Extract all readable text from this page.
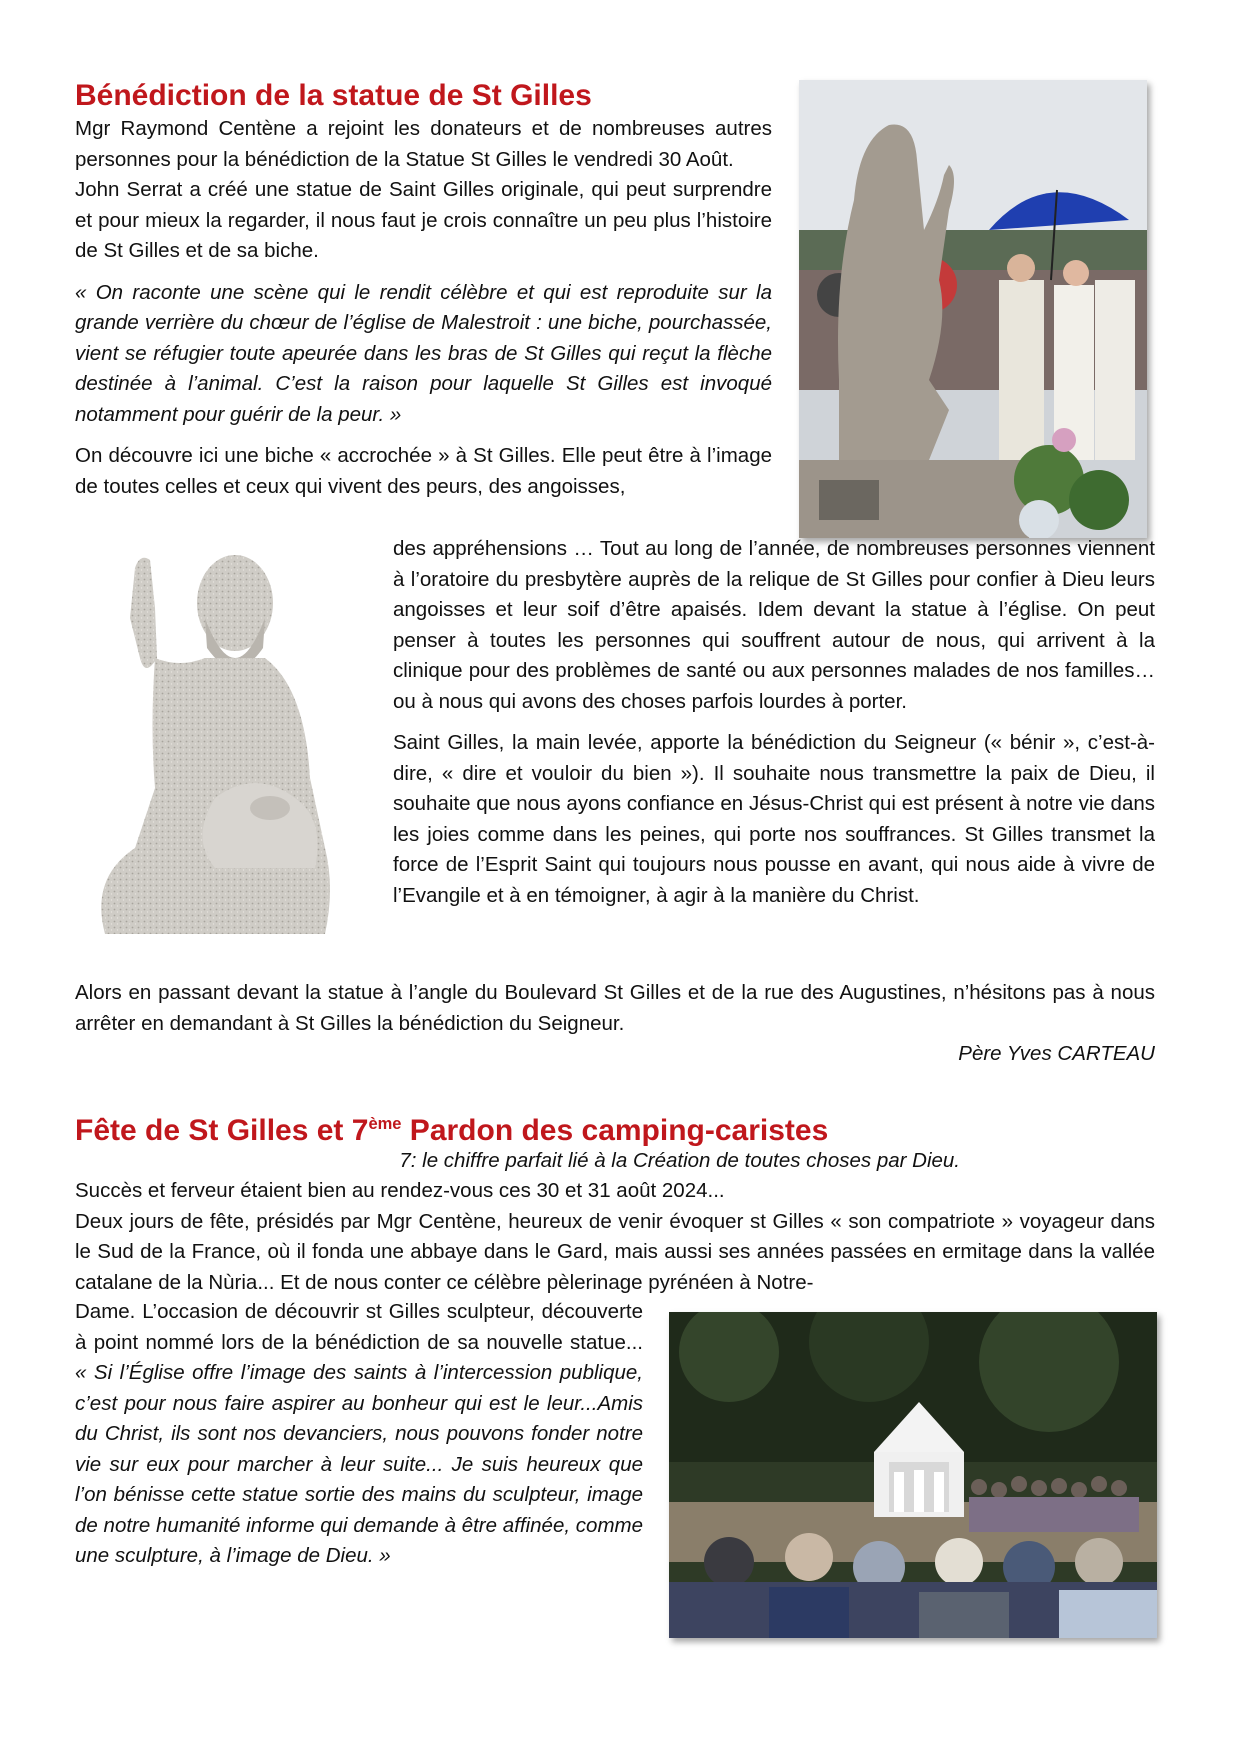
Bénédiction de la statue de St Gilles

Mgr Raymond Centène a rejoint les donateurs et de nombreuses autres personnes pour la bénédiction de la Statue St Gilles le vendredi 30 Août.

John Serrat a créé une statue de Saint Gilles originale, qui peut surprendre et pour mieux la regarder, il nous faut je crois connaître un peu plus l’histoire de St Gilles et de sa biche.

« On raconte une scène qui le rendit célèbre et qui est reproduite sur la grande verrière du chœur de l’église de Malestroit : une biche, pourchassée, vient se réfugier toute apeurée dans les bras de St Gilles qui reçut la flèche destinée à l’animal. C’est la raison pour laquelle St Gilles est invoqué notamment pour guérir de la peur. »

On découvre ici une biche « accrochée » à St Gilles. Elle peut être à l’image de toutes celles et ceux qui vivent des peurs, des angoisses,

des appréhensions … Tout au long de l’année, de nombreuses personnes viennent à l’oratoire du presbytère auprès de la relique de St Gilles pour confier à Dieu leurs angoisses et leur soif d’être apaisés. Idem devant la statue à l’église. On peut penser à toutes les personnes qui souffrent autour de nous, qui arrivent à la clinique pour des problèmes de santé ou aux personnes malades de nos familles… ou à nous qui avons des choses parfois lourdes à porter.

Saint Gilles, la main levée, apporte la bénédiction du Seigneur (« bénir », c’est-à-dire, « dire et vouloir du bien »). Il souhaite nous transmettre la paix de Dieu, il souhaite que nous ayons confiance en Jésus-Christ qui est présent à notre vie dans les joies comme dans les peines, qui porte nos souffrances. St Gilles transmet la force de l’Esprit Saint qui toujours nous pousse en avant, qui nous aide à vivre de l’Evangile et à en témoigner, à agir à la manière du Christ.

Alors en passant devant la statue à l’angle du Boulevard St Gilles et de la rue des Augustines, n’hésitons pas à nous arrêter en demandant à St Gilles la bénédiction du Seigneur.

Père Yves CARTEAU

Fête de St Gilles et 7ème Pardon des camping-caristes
7: le chiffre parfait lié à la Création de toutes choses par Dieu.

Succès et ferveur étaient bien au rendez-vous ces 30 et 31 août 2024...

Deux jours de fête, présidés par Mgr Centène, heureux de venir évoquer st Gilles « son compatriote » voyageur dans le Sud de la France, où il fonda une abbaye dans le Gard, mais aussi ses années passées en ermitage dans la vallée catalane de la Nùria... Et de nous conter ce célèbre pèlerinage pyrénéen à Notre-

Dame. L’occasion de découvrir st Gilles sculpteur, découverte à point nommé lors de la bénédiction de sa nouvelle statue... « Si l’Église offre l’image des saints à l’intercession publique, c’est pour nous faire aspirer au bonheur qui est le leur...Amis du Christ, ils sont nos devanciers, nous pouvons fonder notre vie sur eux pour marcher à leur suite... Je suis heureux que l’on bénisse cette statue sortie des mains du sculpteur, image de notre humanité informe qui demande à être affinée, comme une sculpture, à l’image de Dieu. »
